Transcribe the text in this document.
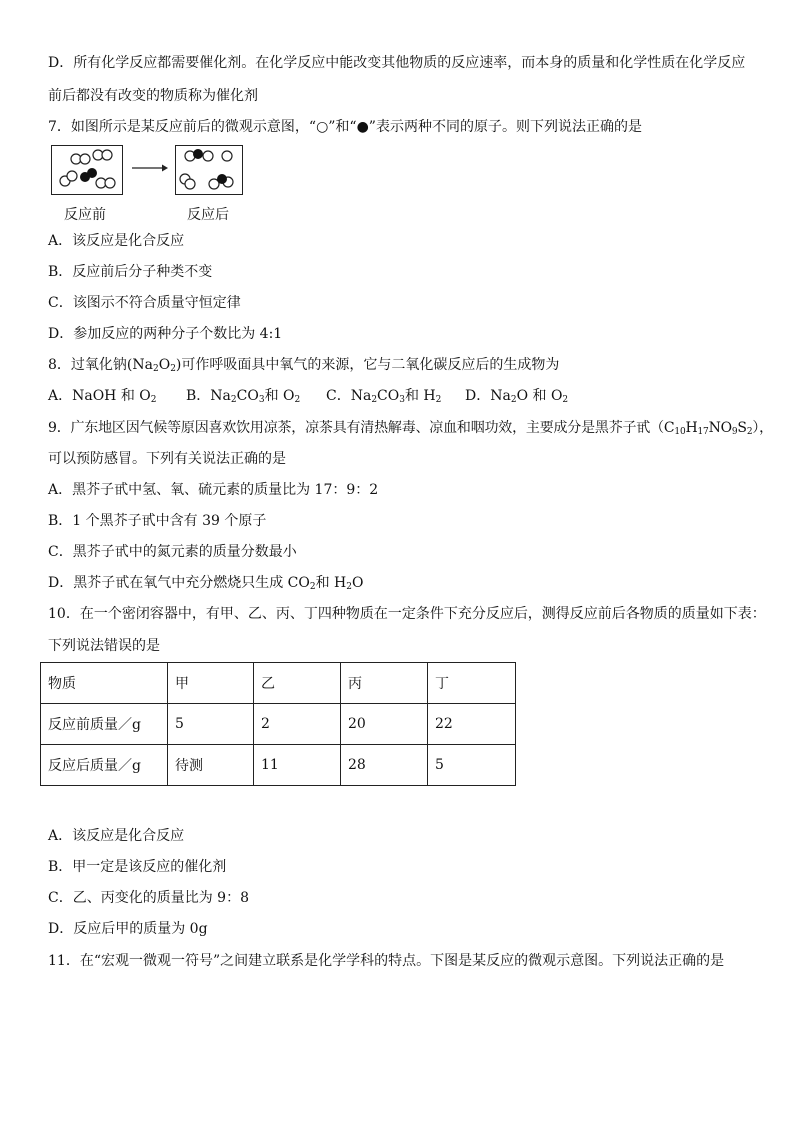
D．所有化学反应都需要催化剂。在化学反应中能改变其他物质的反应速率，而本身的质量和化学性质在化学反应
前后都没有改变的物质称为催化剂
7．如图所示是某反应前后的微观示意图，“○”和“●”表示两种不同的原子。则下列说法正确的是
反应前	反应后
A．该反应是化合反应
B．反应前后分子种类不变
C．该图示不符合质量守恒定律
D．参加反应的两种分子个数比为 4:1
8．过氧化钠$(Na_2O_2)$可作呼吸面具中氧气的来源，它与二氧化碳反应后的生成物为
A．NaOH 和 $O_2$ B．$Na_2CO_3$和 $O_2$ C．$Na_2CO_3$和 $H_2$ D．$Na_2O$ 和 $O_2$
9．广东地区因气候等原因喜欢饮用凉茶，凉茶具有清热解毒、凉血和咽功效，主要成分是黑芥子甙$(C_{10}H_{17}NO_9S_2)$，
可以预防感冒。下列有关说法正确的是
A．黑芥子甙中氢、氧、硫元素的质量比为 17：9：2
B．1 个黑芥子甙中含有 39 个原子
C．黑芥子甙中的氮元素的质量分数最小
D．黑芥子甙在氧气中充分燃烧只生成 $CO_2$和 $H_2O$
10．在一个密闭容器中，有甲、乙、丙、丁四种物质在一定条件下充分反应后，测得反应前后各物质的质量如下表：
下列说法错误的是
物质	甲	乙	丙	丁
反应前质量／g	5	2	20	22
反应后质量／g	待测	11	28	5
A．该反应是化合反应
B．甲一定是该反应的催化剂
C．乙、丙变化的质量比为 9：8
D．反应后甲的质量为 0g
11．在“宏观一微观一符号”之间建立联系是化学学科的特点。下图是某反应的微观示意图。下列说法正确的是
